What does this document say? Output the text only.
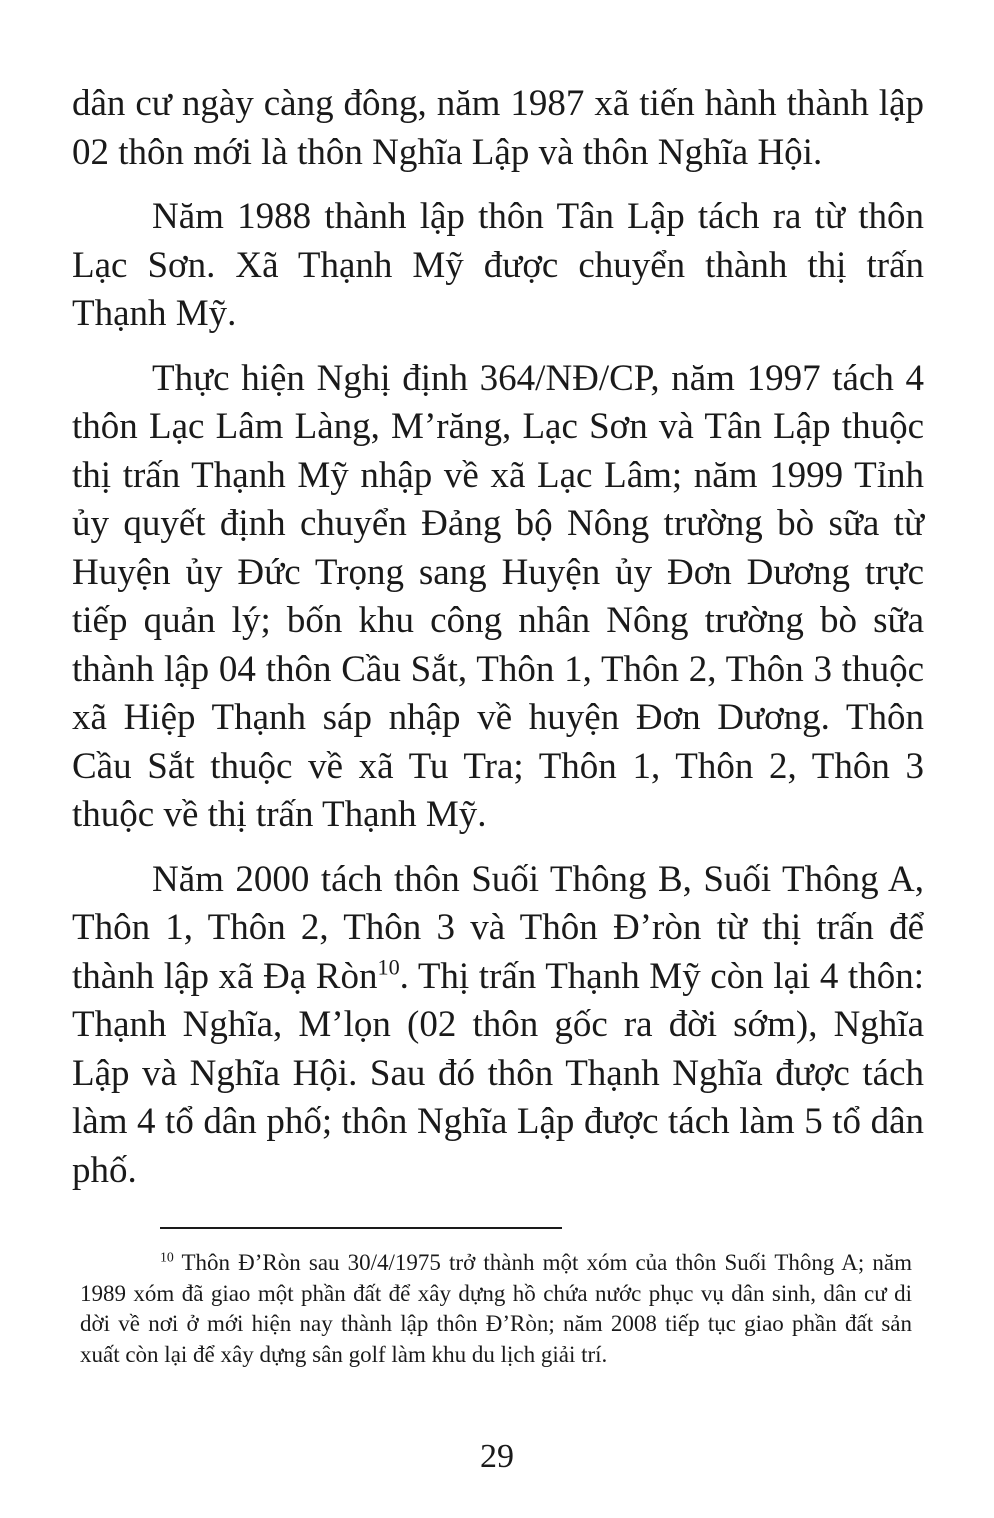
dân cư ngày càng đông, năm 1987 xã tiến hành thành lập 02 thôn mới là thôn Nghĩa Lập và thôn Nghĩa Hội.

Năm 1988 thành lập thôn Tân Lập tách ra từ thôn Lạc Sơn. Xã Thạnh Mỹ được chuyển thành thị trấn Thạnh Mỹ.

Thực hiện Nghị định 364/NĐ/CP, năm 1997 tách 4 thôn Lạc Lâm Làng, M’răng, Lạc Sơn và Tân Lập thuộc thị trấn Thạnh Mỹ nhập về xã Lạc Lâm; năm 1999 Tỉnh ủy quyết định chuyển Đảng bộ Nông trường bò sữa từ Huyện ủy Đức Trọng sang Huyện ủy Đơn Dương trực tiếp quản lý; bốn khu công nhân Nông trường bò sữa thành lập 04 thôn Cầu Sắt, Thôn 1, Thôn 2, Thôn 3 thuộc xã Hiệp Thạnh sáp nhập về huyện Đơn Dương. Thôn Cầu Sắt thuộc về xã Tu Tra; Thôn 1, Thôn 2, Thôn 3 thuộc về thị trấn Thạnh Mỹ.

Năm 2000 tách thôn Suối Thông B, Suối Thông A, Thôn 1, Thôn 2, Thôn 3 và Thôn Đ’ròn từ thị trấn để thành lập xã Đạ Ròn$^{10}$. Thị trấn Thạnh Mỹ còn lại 4 thôn: Thạnh Nghĩa, M’lọn (02 thôn gốc ra đời sớm), Nghĩa Lập và Nghĩa Hội. Sau đó thôn Thạnh Nghĩa được tách làm 4 tổ dân phố; thôn Nghĩa Lập được tách làm 5 tổ dân phố.

$^{10}$ Thôn Đ’Ròn sau 30/4/1975 trở thành một xóm của thôn Suối Thông A; năm 1989 xóm đã giao một phần đất để xây dựng hồ chứa nước phục vụ dân sinh, dân cư di dời về nơi ở mới hiện nay thành lập thôn Đ’Ròn; năm 2008 tiếp tục giao phần đất sản xuất còn lại để xây dựng sân golf làm khu du lịch giải trí.

29
